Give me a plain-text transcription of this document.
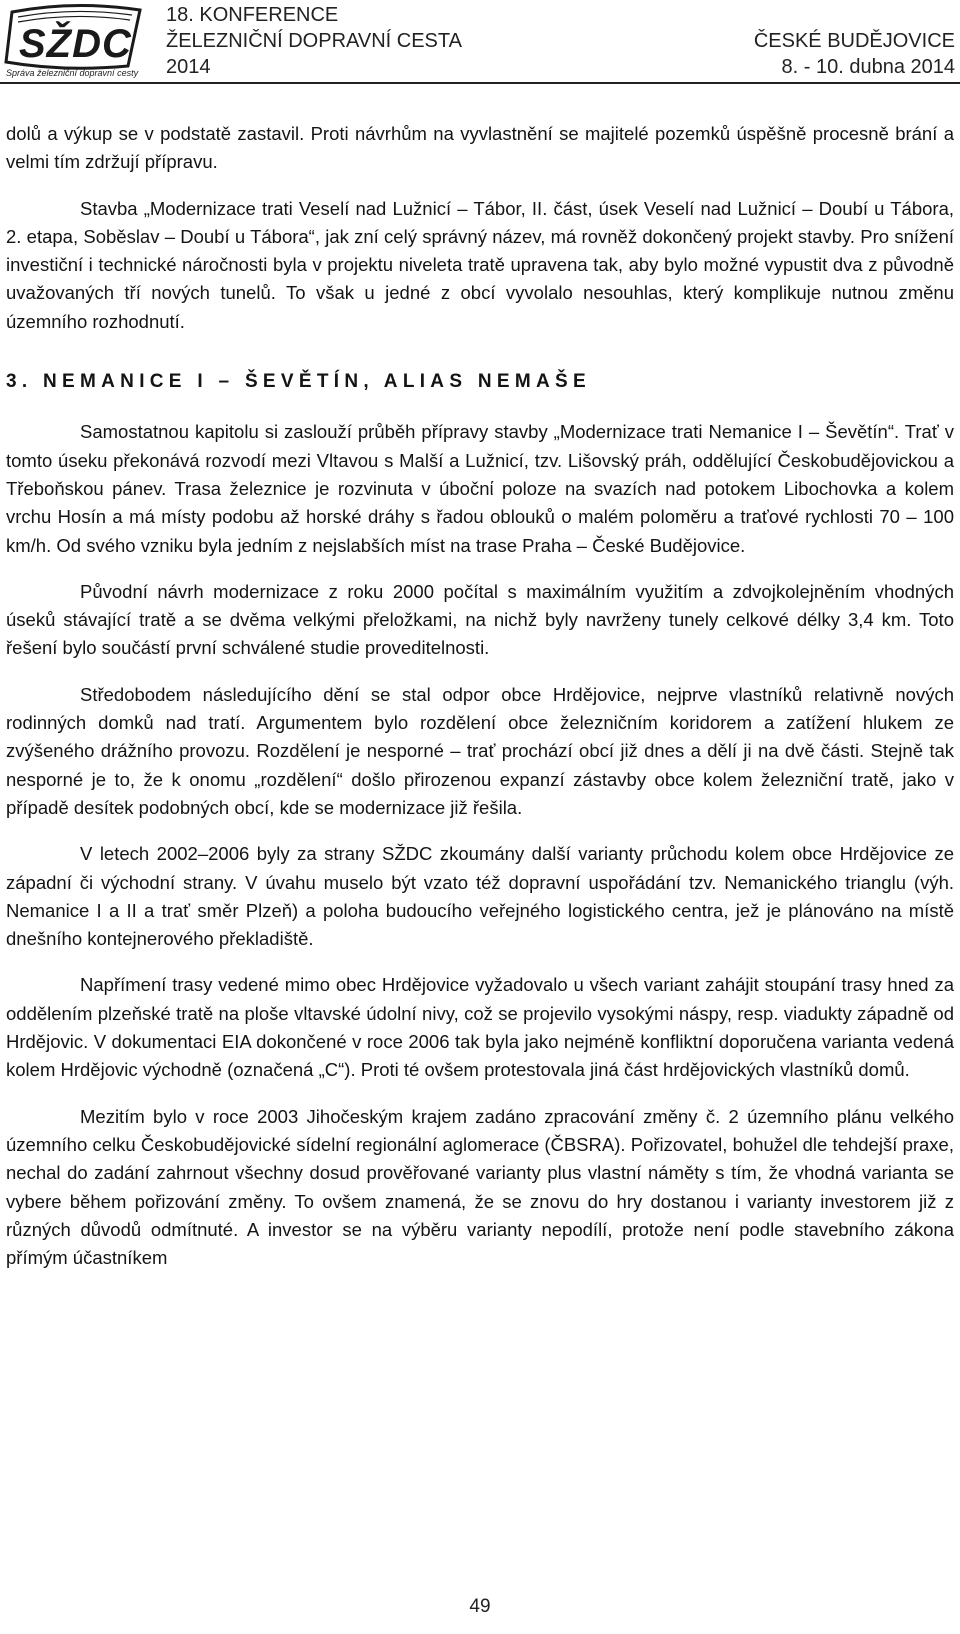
SŽDC
Správa železniční dopravní cesty
18. KONFERENCE
ŽELEZNIČNÍ DOPRAVNÍ CESTA
2014
ČESKÉ BUDĚJOVICE
8. - 10. dubna 2014

dolů a výkup se v podstatě zastavil. Proti návrhům na vyvlastnění se majitelé pozemků úspěšně procesně brání a velmi tím zdržují přípravu.

Stavba „Modernizace trati Veselí nad Lužnicí – Tábor, II. část, úsek Veselí nad Lužnicí – Doubí u Tábora, 2. etapa, Soběslav – Doubí u Tábora“, jak zní celý správný název, má rovněž dokončený projekt stavby. Pro snížení investiční i technické náročnosti byla v projektu niveleta tratě upravena tak, aby bylo možné vypustit dva z původně uvažovaných tří nových tunelů. To však u jedné z obcí vyvolalo nesouhlas, který komplikuje nutnou změnu územního rozhodnutí.

3. NEMANICE I – ŠEVĚTÍN, ALIAS NEMAŠE

Samostatnou kapitolu si zaslouží průběh přípravy stavby „Modernizace trati Nemanice I – Ševětín“. Trať v tomto úseku překonává rozvodí mezi Vltavou s Malší a Lužnicí, tzv. Lišovský práh, oddělující Českobudějovickou a Třeboňskou pánev. Trasa železnice je rozvinuta v úbočnί poloze na svazích nad potokem Libochovka a kolem vrchu Hosín a má místy podobu až horské dráhy s řadou oblouků o malém poloměru a traťové rychlosti 70 – 100 km/h. Od svého vzniku byla jedním z nejslabších míst na trase Praha – České Budějovice.

Původní návrh modernizace z roku 2000 počítal s maximálním využitím a zdvojkolejněním vhodných úseků stávající tratě a se dvěma velkými přeložkami, na nichž byly navrženy tunely celkové délky 3,4 km. Toto řešení bylo součástí první schválené studie proveditelnosti.

Středobodem následujícího dění se stal odpor obce Hrdějovice, nejprve vlastníků relativně nových rodinných domků nad tratí. Argumentem bylo rozdělení obce železničním koridorem a zatížení hlukem ze zvýšeného drážního provozu. Rozdělení je nesporné – trať prochází obcí již dnes a dělí ji na dvě části. Stejně tak nesporné je to, že k onomu „rozdělení“ došlo přirozenou expanzí zástavby obce kolem železniční tratě, jako v případě desítek podobných obcí, kde se modernizace již řešila.

V letech 2002–2006 byly za strany SŽDC zkoumány další varianty průchodu kolem obce Hrdějovice ze západní či východní strany. V úvahu muselo být vzato též dopravní uspořádání tzv. Nemanického trianglu (výh. Nemanice I a II a trať směr Plzeň) a poloha budoucího veřejného logistického centra, jež je plánováno na místě dnešního kontejnerového překladiště.

Napřímení trasy vedené mimo obec Hrdějovice vyžadovalo u všech variant zahájit stoupání trasy hned za oddělením plzeňské tratě na ploše vltavské údolní nivy, což se projevilo vysokými náspy, resp. viadukty západně od Hrdějovic. V dokumentaci EIA dokončené v roce 2006 tak byla jako nejméně konfliktní doporučena varianta vedená kolem Hrdějovic východně (označená „C“). Proti té ovšem protestovala jiná část hrdějovických vlastníků domů.

Mezitím bylo v roce 2003 Jihočeským krajem zadáno zpracování změny č. 2 územního plánu velkého územního celku Českobudějovické sídelní regionální aglomerace (ČBSRA). Pořizovatel, bohužel dle tehdejší praxe, nechal do zadání zahrnout všechny dosud prověřované varianty plus vlastní náměty s tím, že vhodná varianta se vybere během pořizování změny. To ovšem znamená, že se znovu do hry dostanou i varianty investorem již z různých důvodů odmítnuté. A investor se na výběru varianty nepodílí, protože není podle stavebního zákona přímým účastníkem

49
